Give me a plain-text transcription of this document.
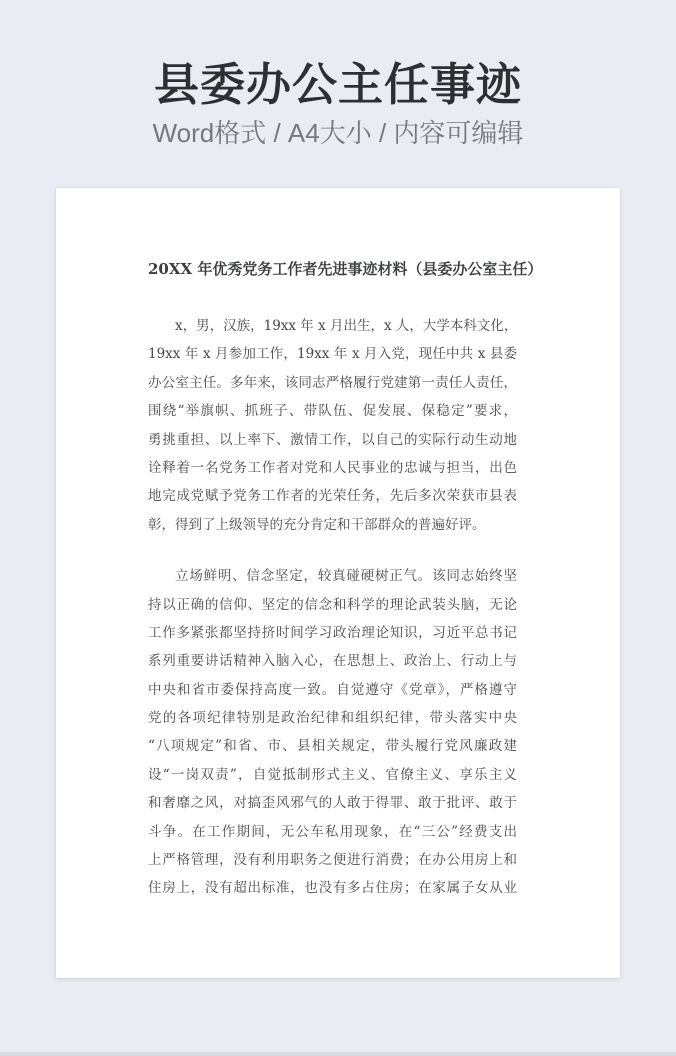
县委办公主任事迹
Word格式 / A4大小 / 内容可编辑
20XX 年优秀党务工作者先进事迹材料（县委办公室主任）
x，男，汉族，19xx 年 x 月出生，x 人，大学本科文化，
19xx 年 x 月参加工作，19xx 年 x 月入党，现任中共 x 县委
办公室主任。多年来，该同志严格履行党建第一责任人责任，
围绕“举旗帜、抓班子、带队伍、促发展、保稳定”要求，
勇挑重担、以上率下、激情工作，以自己的实际行动生动地
诠释着一名党务工作者对党和人民事业的忠诚与担当，出色
地完成党赋予党务工作者的光荣任务，先后多次荣获市县表
彰，得到了上级领导的充分肯定和干部群众的普遍好评。
立场鲜明、信念坚定，较真碰硬树正气。该同志始终坚
持以正确的信仰、坚定的信念和科学的理论武装头脑，无论
工作多紧张都坚持挤时间学习政治理论知识，习近平总书记
系列重要讲话精神入脑入心，在思想上、政治上、行动上与
中央和省市委保持高度一致。自觉遵守《党章》，严格遵守
党的各项纪律特别是政治纪律和组织纪律，带头落实中央
“八项规定”和省、市、县相关规定，带头履行党风廉政建
设“一岗双责”，自觉抵制形式主义、官僚主义、享乐主义
和奢靡之风，对搞歪风邪气的人敢于得罪、敢于批评、敢于
斗争。在工作期间，无公车私用现象，在“三公”经费支出
上严格管理，没有利用职务之便进行消费；在办公用房上和
住房上，没有超出标准，也没有多占住房；在家属子女从业
